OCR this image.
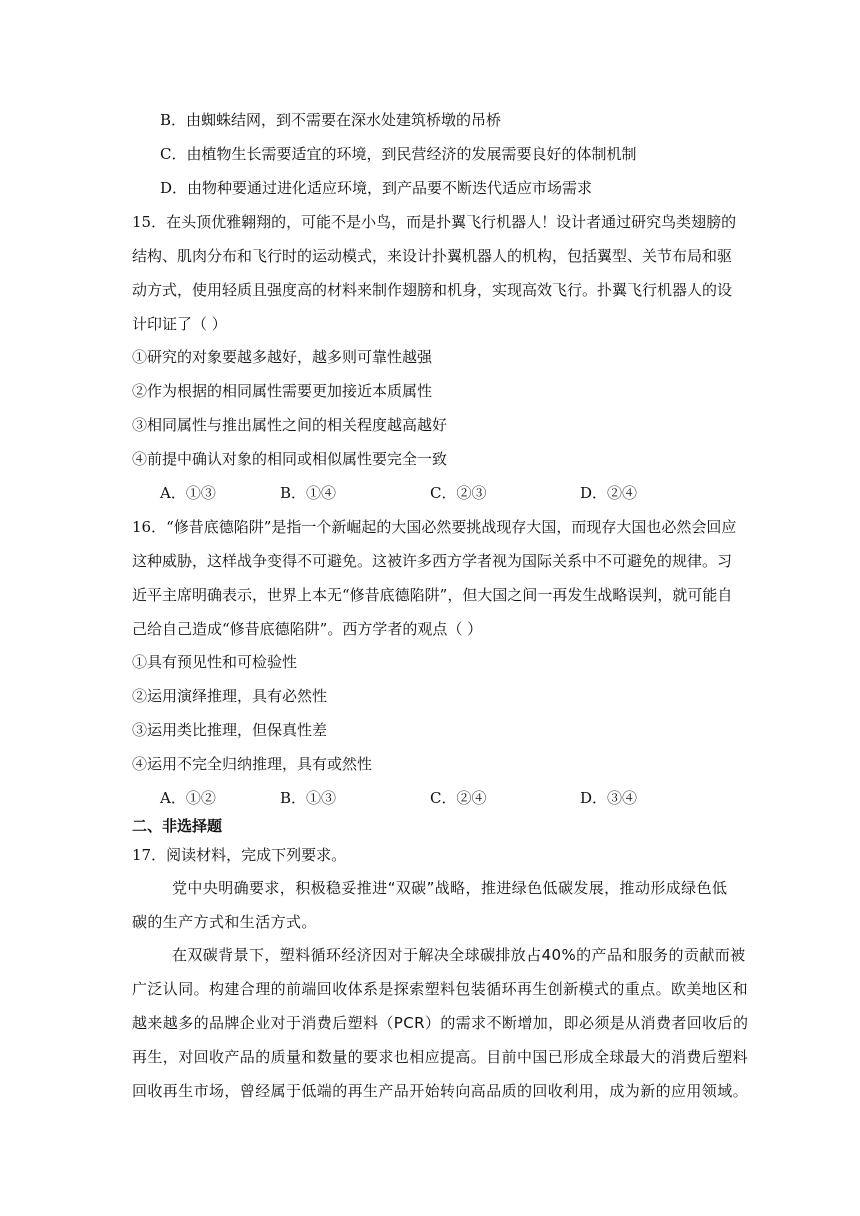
B．由蜘蛛结网，到不需要在深水处建筑桥墩的吊桥
C．由植物生长需要适宜的环境，到民营经济的发展需要良好的体制机制
D．由物种要通过进化适应环境，到产品要不断迭代适应市场需求
15．在头顶优雅翱翔的，可能不是小鸟，而是扑翼飞行机器人！设计者通过研究鸟类翅膀的
结构、肌肉分布和飞行时的运动模式，来设计扑翼机器人的机构，包括翼型、关节布局和驱
动方式，使用轻质且强度高的材料来制作翅膀和机身，实现高效飞行。扑翼飞行机器人的设
计印证了（ ）
①研究的对象要越多越好，越多则可靠性越强
②作为根据的相同属性需要更加接近本质属性
③相同属性与推出属性之间的相关程度越高越好
④前提中确认对象的相同或相似属性要完全一致
A．①③	B．①④	C．②③	D．②④
16．“修昔底德陷阱”是指一个新崛起的大国必然要挑战现存大国，而现存大国也必然会回应
这种威胁，这样战争变得不可避免。这被许多西方学者视为国际关系中不可避免的规律。习
近平主席明确表示，世界上本无“修昔底德陷阱”，但大国之间一再发生战略误判，就可能自
己给自己造成“修昔底德陷阱”。西方学者的观点（ ）
①具有预见性和可检验性
②运用演绎推理，具有必然性
③运用类比推理，但保真性差
④运用不完全归纳推理，具有或然性
A．①②	B．①③	C．②④	D．③④
二、非选择题
17．阅读材料，完成下列要求。
党中央明确要求，积极稳妥推进“双碳”战略，推进绿色低碳发展，推动形成绿色低
碳的生产方式和生活方式。
在双碳背景下，塑料循环经济因对于解决全球碳排放占40%的产品和服务的贡献而被
广泛认同。构建合理的前端回收体系是探索塑料包装循环再生创新模式的重点。欧美地区和
越来越多的品牌企业对于消费后塑料（PCR）的需求不断增加，即必须是从消费者回收后的
再生，对回收产品的质量和数量的要求也相应提高。目前中国已形成全球最大的消费后塑料
回收再生市场，曾经属于低端的再生产品开始转向高品质的回收利用，成为新的应用领域。
